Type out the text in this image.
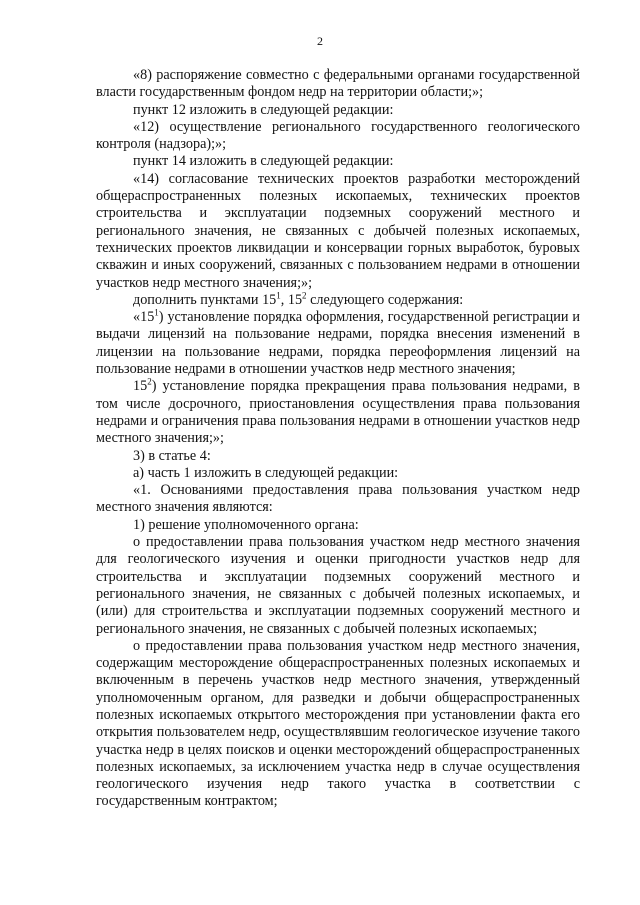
2

«8) распоряжение совместно с федеральными органами государственной власти государственным фондом недр на территории области;»;

пункт 12 изложить в следующей редакции:

«12) осуществление регионального государственного геологического контроля (надзора);»;

пункт 14 изложить в следующей редакции:

«14) согласование технических проектов разработки месторождений общераспространенных полезных ископаемых, технических проектов строительства и эксплуатации подземных сооружений местного и регионального значения, не связанных с добычей полезных ископаемых, технических проектов ликвидации и консервации горных выработок, буровых скважин и иных сооружений, связанных с пользованием недрами в отношении участков недр местного значения;»;

дополнить пунктами $15^1$, $15^2$ следующего содержания:

«$15^1$) установление порядка оформления, государственной регистрации и выдачи лицензий на пользование недрами, порядка внесения изменений в лицензии на пользование недрами, порядка переоформления лицензий на пользование недрами в отношении участков недр местного значения;

$15^2$) установление порядка прекращения права пользования недрами, в том числе досрочного, приостановления осуществления права пользования недрами и ограничения права пользования недрами в отношении участков недр местного значения;»;

3) в статье 4:

а) часть 1 изложить в следующей редакции:

«1. Основаниями предоставления права пользования участком недр местного значения являются:

1) решение уполномоченного органа:

о предоставлении права пользования участком недр местного значения для геологического изучения и оценки пригодности участков недр для строительства и эксплуатации подземных сооружений местного и регионального значения, не связанных с добычей полезных ископаемых, и (или) для строительства и эксплуатации подземных сооружений местного и регионального значения, не связанных с добычей полезных ископаемых;

о предоставлении права пользования участком недр местного значения, содержащим месторождение общераспространенных полезных ископаемых и включенным в перечень участков недр местного значения, утвержденный уполномоченным органом, для разведки и добычи общераспространенных полезных ископаемых открытого месторождения при установлении факта его открытия пользователем недр, осуществлявшим геологическое изучение такого участка недр в целях поисков и оценки месторождений общераспространенных полезных ископаемых, за исключением участка недр в случае осуществления геологического изучения недр такого участка в соответствии с государственным контрактом;
